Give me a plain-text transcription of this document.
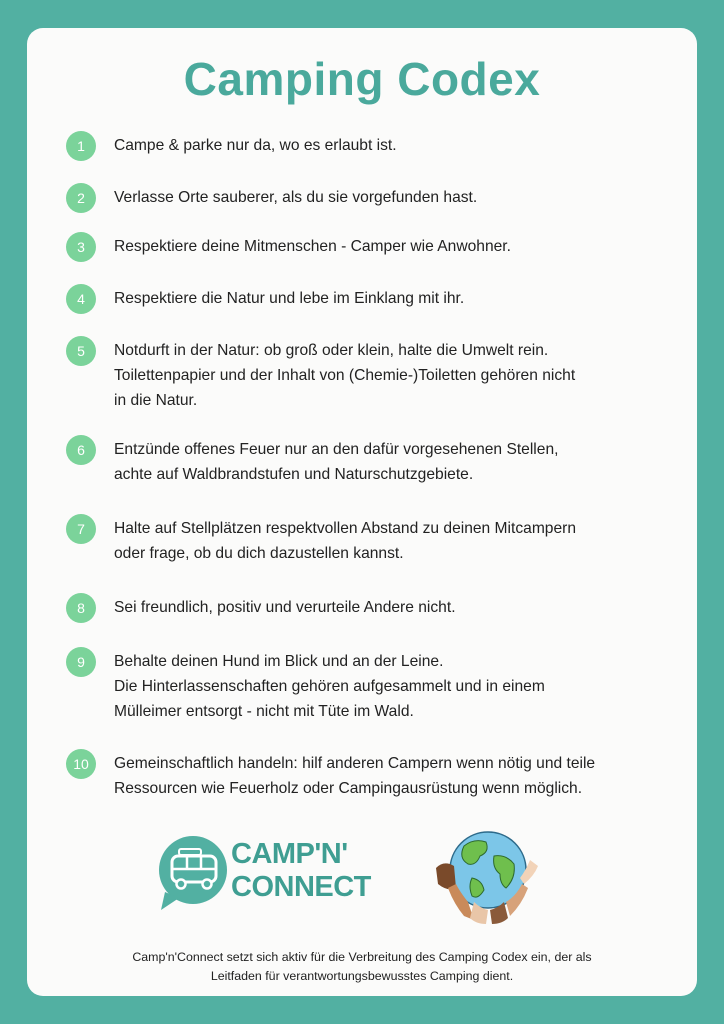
Camping Codex
1	Campe & parke nur da, wo es erlaubt ist.
2	Verlasse Orte sauberer, als du sie vorgefunden hast.
3	Respektiere deine Mitmenschen - Camper wie Anwohner.
4	Respektiere die Natur und lebe im Einklang mit ihr.
5	Notdurft in der Natur: ob groß oder klein, halte die Umwelt rein.
Toilettenpapier und der Inhalt von (Chemie-)Toiletten gehören nicht
in die Natur.
6	Entzünde offenes Feuer nur an den dafür vorgesehenen Stellen,
achte auf Waldbrandstufen und Naturschutzgebiete.
7	Halte auf Stellplätzen respektvollen Abstand zu deinen Mitcampern
oder frage, ob du dich dazustellen kannst.
8	Sei freundlich, positiv und verurteile Andere nicht.
9	Behalte deinen Hund im Blick und an der Leine.
Die Hinterlassenschaften gehören aufgesammelt und in einem
Mülleimer entsorgt - nicht mit Tüte im Wald.
10	Gemeinschaftlich handeln: hilf anderen Campern wenn nötig und teile
Ressourcen wie Feuerholz oder Campingausrüstung wenn möglich.
CAMP'N'
CONNECT
Camp'n'Connect setzt sich aktiv für die Verbreitung des Camping Codex ein, der als
Leitfaden für verantwortungsbewusstes Camping dient.
